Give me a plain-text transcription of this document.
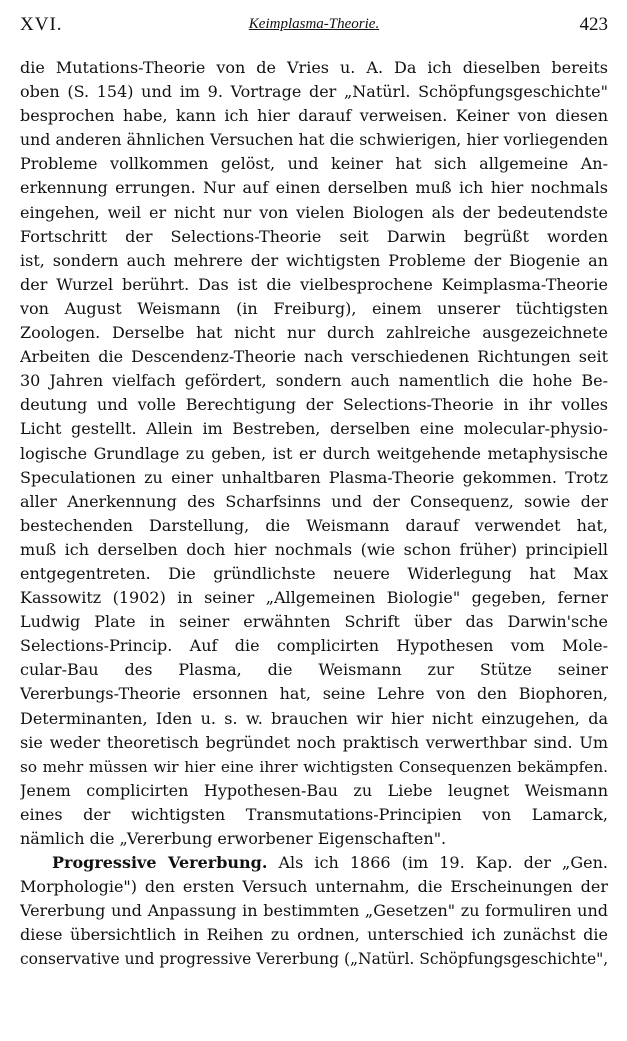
XVI.	Keimplasma-Theorie.	423
die Mutations-Theorie von de Vries u. A. Da ich dieselben bereits
oben (S. 154) und im 9. Vortrage der „Natürl. Schöpfungsgeschichte"
besprochen habe, kann ich hier darauf verweisen. Keiner von diesen
und anderen ähnlichen Versuchen hat die schwierigen, hier vorliegenden
Probleme vollkommen gelöst, und keiner hat sich allgemeine An-
erkennung errungen. Nur auf einen derselben muß ich hier nochmals
eingehen, weil er nicht nur von vielen Biologen als der bedeutendste
Fortschritt der Selections-Theorie seit Darwin begrüßt worden
ist, sondern auch mehrere der wichtigsten Probleme der Biogenie an
der Wurzel berührt. Das ist die vielbesprochene Keimplasma-Theorie
von August Weismann (in Freiburg), einem unserer tüchtigsten
Zoologen. Derselbe hat nicht nur durch zahlreiche ausgezeichnete
Arbeiten die Descendenz-Theorie nach verschiedenen Richtungen seit
30 Jahren vielfach gefördert, sondern auch namentlich die hohe Be-
deutung und volle Berechtigung der Selections-Theorie in ihr volles
Licht gestellt. Allein im Bestreben, derselben eine molecular-physio-
logische Grundlage zu geben, ist er durch weitgehende metaphysische
Speculationen zu einer unhaltbaren Plasma-Theorie gekommen. Trotz
aller Anerkennung des Scharfsinns und der Consequenz, sowie der
bestechenden Darstellung, die Weismann darauf verwendet hat,
muß ich derselben doch hier nochmals (wie schon früher) principiell
entgegentreten. Die gründlichste neuere Widerlegung hat Max
Kassowitz (1902) in seiner „Allgemeinen Biologie" gegeben, ferner
Ludwig Plate in seiner erwähnten Schrift über das Darwin'sche
Selections-Princip. Auf die complicirten Hypothesen vom Mole-
cular-Bau des Plasma, die Weismann zur Stütze seiner
Vererbungs-Theorie ersonnen hat, seine Lehre von den Biophoren,
Determinanten, Iden u. s. w. brauchen wir hier nicht einzugehen, da
sie weder theoretisch begründet noch praktisch verwerthbar sind. Um
so mehr müssen wir hier eine ihrer wichtigsten Consequenzen bekämpfen.
Jenem complicirten Hypothesen-Bau zu Liebe leugnet Weismann
eines der wichtigsten Transmutations-Principien von Lamarck,
nämlich die „Vererbung erworbener Eigenschaften".
Progressive Vererbung. Als ich 1866 (im 19. Kap. der „Gen.
Morphologie") den ersten Versuch unternahm, die Erscheinungen der
Vererbung und Anpassung in bestimmten „Gesetzen" zu formuliren und
diese übersichtlich in Reihen zu ordnen, unterschied ich zunächst die
conservative und progressive Vererbung („Natürl. Schöpfungsgeschichte",
